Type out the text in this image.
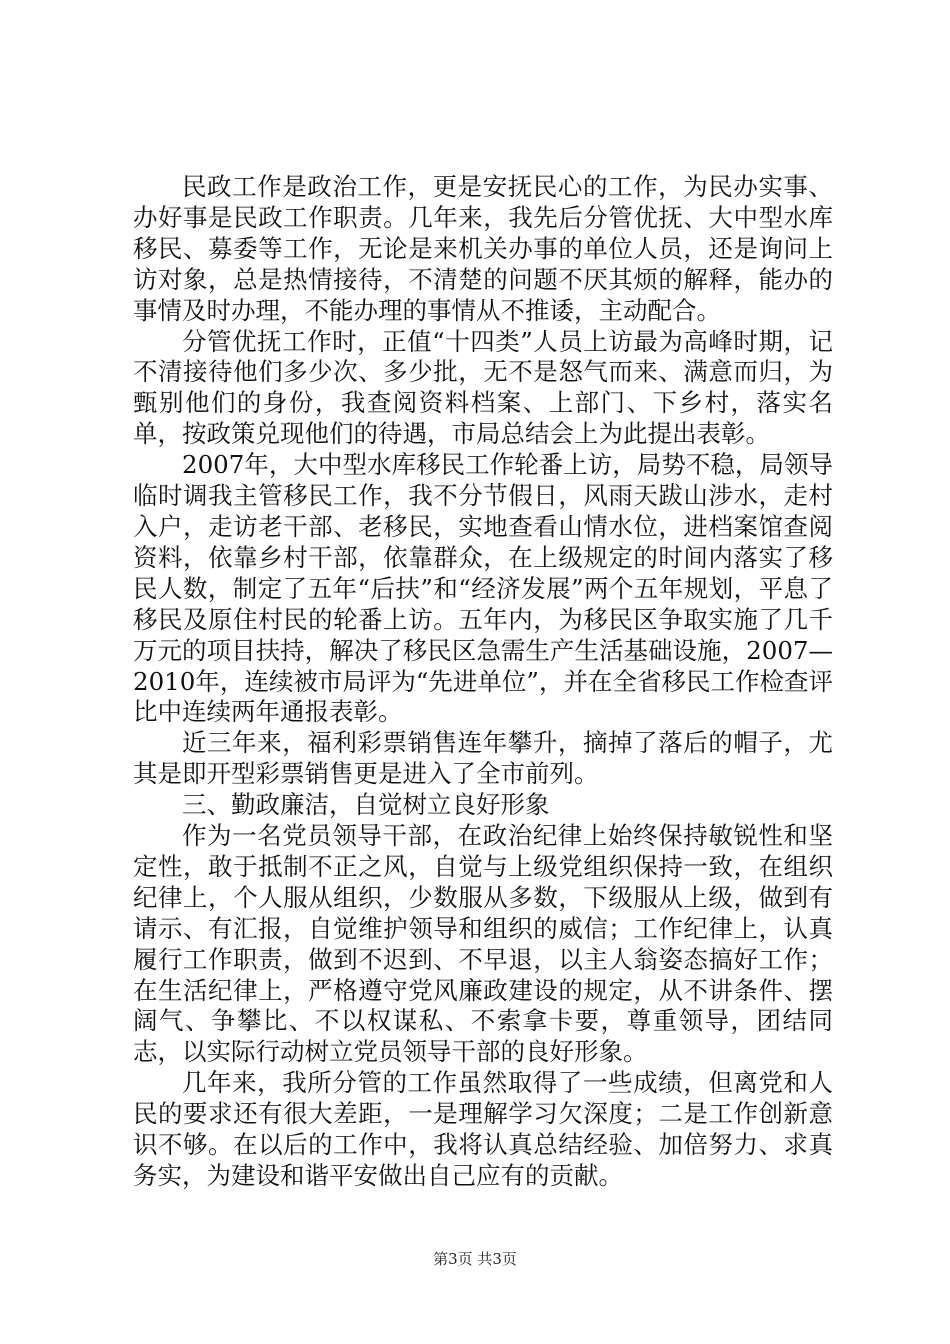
民政工作是政治工作，更是安抚民心的工作，为民办实事、办好事是民政工作职责。几年来，我先后分管优抚、大中型水库移民、募委等工作，无论是来机关办事的单位人员，还是询问上访对象，总是热情接待，不清楚的问题不厌其烦的解释，能办的事情及时办理，不能办理的事情从不推诿，主动配合。

分管优抚工作时，正值“十四类”人员上访最为高峰时期，记不清接待他们多少次、多少批，无不是怒气而来、满意而归，为甄别他们的身份，我查阅资料档案、上部门、下乡村，落实名单，按政策兑现他们的待遇，市局总结会上为此提出表彰。

2007年，大中型水库移民工作轮番上访，局势不稳，局领导临时调我主管移民工作，我不分节假日，风雨天跋山涉水，走村入户，走访老干部、老移民，实地查看山情水位，进档案馆查阅资料，依靠乡村干部，依靠群众，在上级规定的时间内落实了移民人数，制定了五年“后扶”和“经济发展”两个五年规划，平息了移民及原住村民的轮番上访。五年内，为移民区争取实施了几千万元的项目扶持，解决了移民区急需生产生活基础设施，2007—2010年，连续被市局评为“先进单位”，并在全省移民工作检查评比中连续两年通报表彰。

近三年来，福利彩票销售连年攀升，摘掉了落后的帽子，尤其是即开型彩票销售更是进入了全市前列。

三、勤政廉洁，自觉树立良好形象

作为一名党员领导干部，在政治纪律上始终保持敏锐性和坚定性，敢于抵制不正之风，自觉与上级党组织保持一致，在组织纪律上，个人服从组织，少数服从多数，下级服从上级，做到有请示、有汇报，自觉维护领导和组织的威信；工作纪律上，认真履行工作职责，做到不迟到、不早退，以主人翁姿态搞好工作；在生活纪律上，严格遵守党风廉政建设的规定，从不讲条件、摆阔气、争攀比、不以权谋私、不索拿卡要，尊重领导，团结同志，以实际行动树立党员领导干部的良好形象。

几年来，我所分管的工作虽然取得了一些成绩，但离党和人民的要求还有很大差距，一是理解学习欠深度；二是工作创新意识不够。在以后的工作中，我将认真总结经验、加倍努力、求真务实，为建设和谐平安做出自己应有的贡献。

第3页 共3页
